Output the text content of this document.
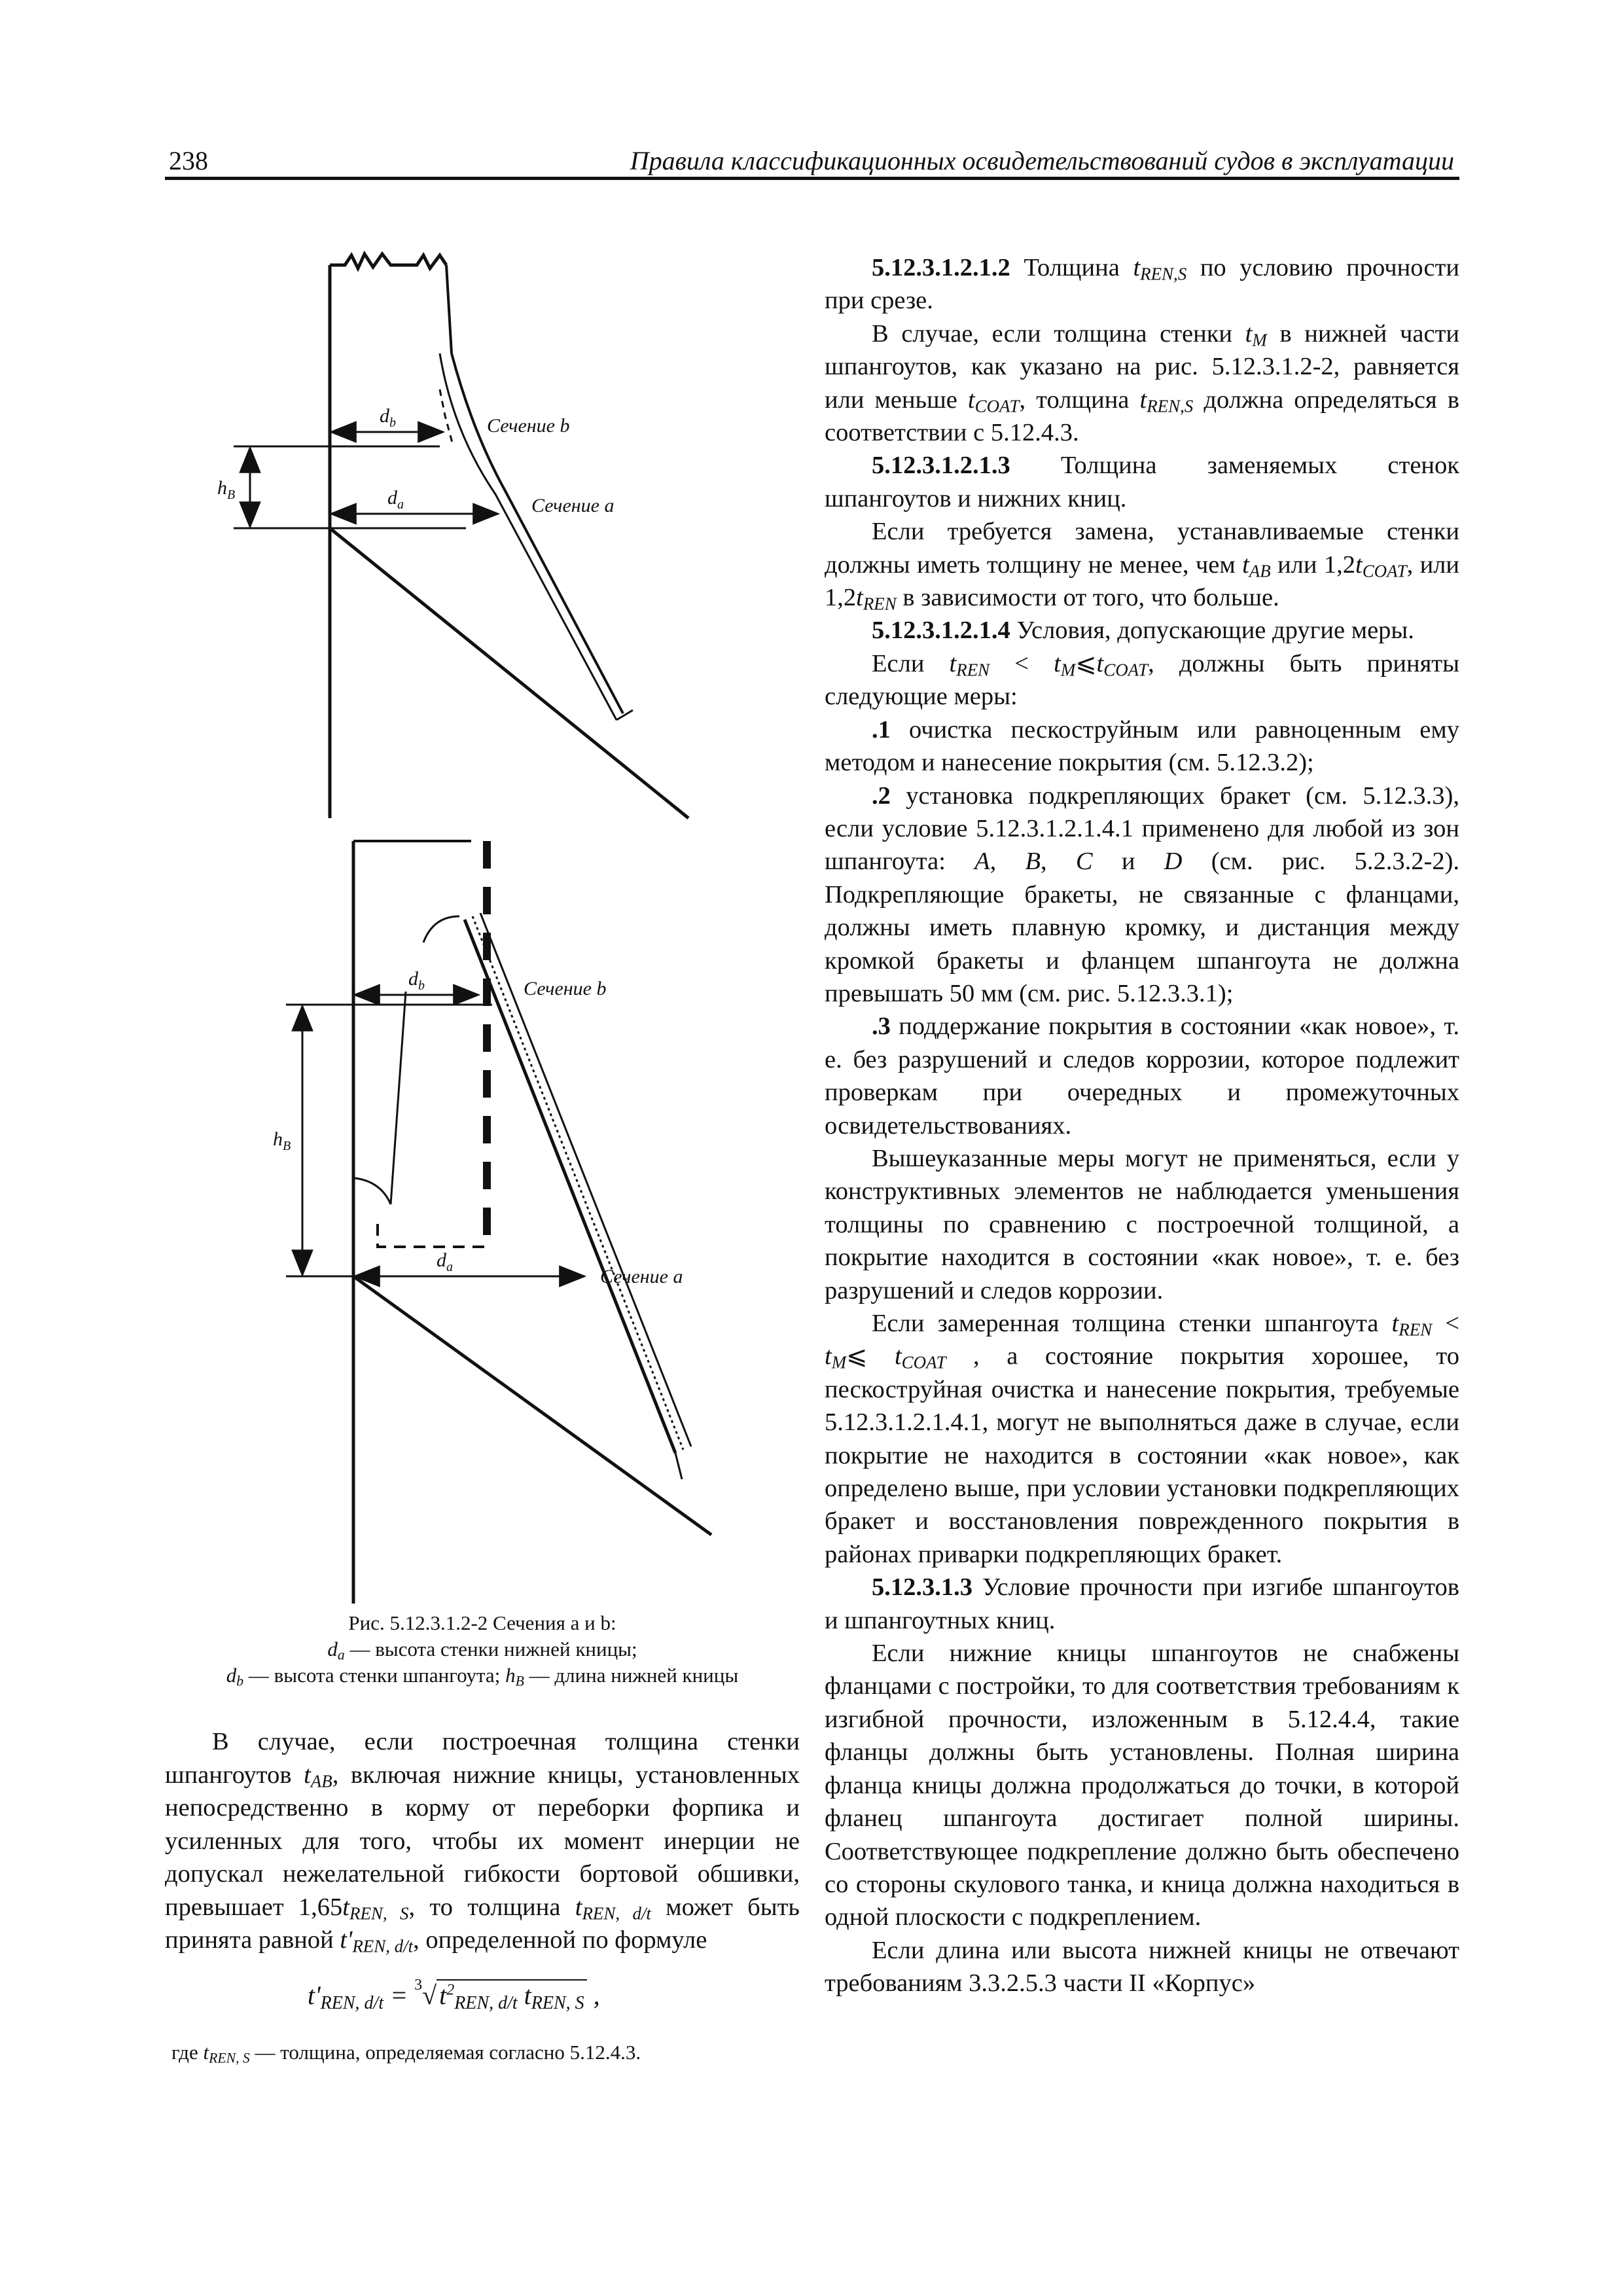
238	Правила классификационных освидетельствований судов в эксплуатации
$d_b$
$d_a$
$h_B$
Сечение b
Сечение a
$d_b$
$d_a$
$h_B$
Сечение b
Сечение a
Рис. 5.12.3.1.2-2 Сечения a и b:
$d_a$ — высота стенки нижней кницы;
$d_b$ — высота стенки шпангоута; $h_B$ — длина нижней кницы

В случае, если построечная толщина стенки шпангоутов $t_{AB}$, включая нижние кницы, установленных непосредственно в корму от переборки форпика и усиленных для того, чтобы их момент инерции не допускал нежелательной гибкости бортовой обшивки, превышает $1,65t_{REN, S}$, то толщина $t_{REN, d/t}$ может быть принята равной $t'_{REN, d/t}$, определенной по формуле

$t'_{REN, d/t} = ^3√$ $t^2_{REN, d/t}$ $t_{REN, S}$ ,
где $t_{REN, S}$ — толщина, определяемая согласно 5.12.4.3.

5.12.3.1.2.1.2 Толщина $t_{REN,S}$ по условию прочности при срезе.

В случае, если толщина стенки $t_M$ в нижней части шпангоутов, как указано на рис. 5.12.3.1.2-2, равняется или меньше $t_{COAT}$, толщина $t_{REN,S}$ должна определяться в соответствии с 5.12.4.3.

5.12.3.1.2.1.3 Толщина заменяемых стенок шпангоутов и нижних книц.

Если требуется замена, устанавливаемые стенки должны иметь толщину не менее, чем $t_{AB}$ или $1,2t_{COAT}$, или $1,2t_{REN}$ в зависимости от того, что больше.

5.12.3.1.2.1.4 Условия, допускающие другие меры.

Если $t_{REN}$ < $t_M⩽t_{COAT}$, должны быть приняты следующие меры:

.1 очистка пескоструйным или равноценным ему методом и нанесение покрытия (см. 5.12.3.2);

.2 установка подкрепляющих бракет (см. 5.12.3.3), если условие 5.12.3.1.2.1.4.1 применено для любой из зон шпангоута: A, B, C и D (см. рис. 5.2.3.2-2). Подкрепляющие бракеты, не связанные с фланцами, должны иметь плавную кромку, и дистанция между кромкой бракеты и фланцем шпангоута не должна превышать 50 мм (см. рис. 5.12.3.3.1);

.3 поддержание покрытия в состоянии «как новое», т. е. без разрушений и следов коррозии, которое подлежит проверкам при очередных и промежуточных освидетельствованиях.

Вышеуказанные меры могут не применяться, если у конструктивных элементов не наблюдается уменьшения толщины по сравнению с построечной толщиной, а покрытие находится в состоянии «как новое», т. е. без разрушений и следов коррозии.

Если замеренная толщина стенки шпангоута $t_{REN}$ < $t_M⩽$ $t_{COAT}$ , а состояние покрытия хорошее, то пескоструйная очистка и нанесение покрытия, требуемые 5.12.3.1.2.1.4.1, могут не выполняться даже в случае, если покрытие не находится в состоянии «как новое», как определено выше, при условии установки подкрепляющих бракет и восстановления поврежденного покрытия в районах приварки подкрепляющих бракет.

5.12.3.1.3 Условие прочности при изгибе шпангоутов и шпангоутных книц.

Если нижние кницы шпангоутов не снабжены фланцами с постройки, то для соответствия требованиям к изгибной прочности, изложенным в 5.12.4.4, такие фланцы должны быть установлены. Полная ширина фланца кницы должна продолжаться до точки, в которой фланец шпангоута достигает полной ширины. Соответствующее подкрепление должно быть обеспечено со стороны скулового танка, и кница должна находиться в одной плоскости с подкреплением.

Если длина или высота нижней кницы не отвечают требованиям 3.3.2.5.3 части II «Корпус»
